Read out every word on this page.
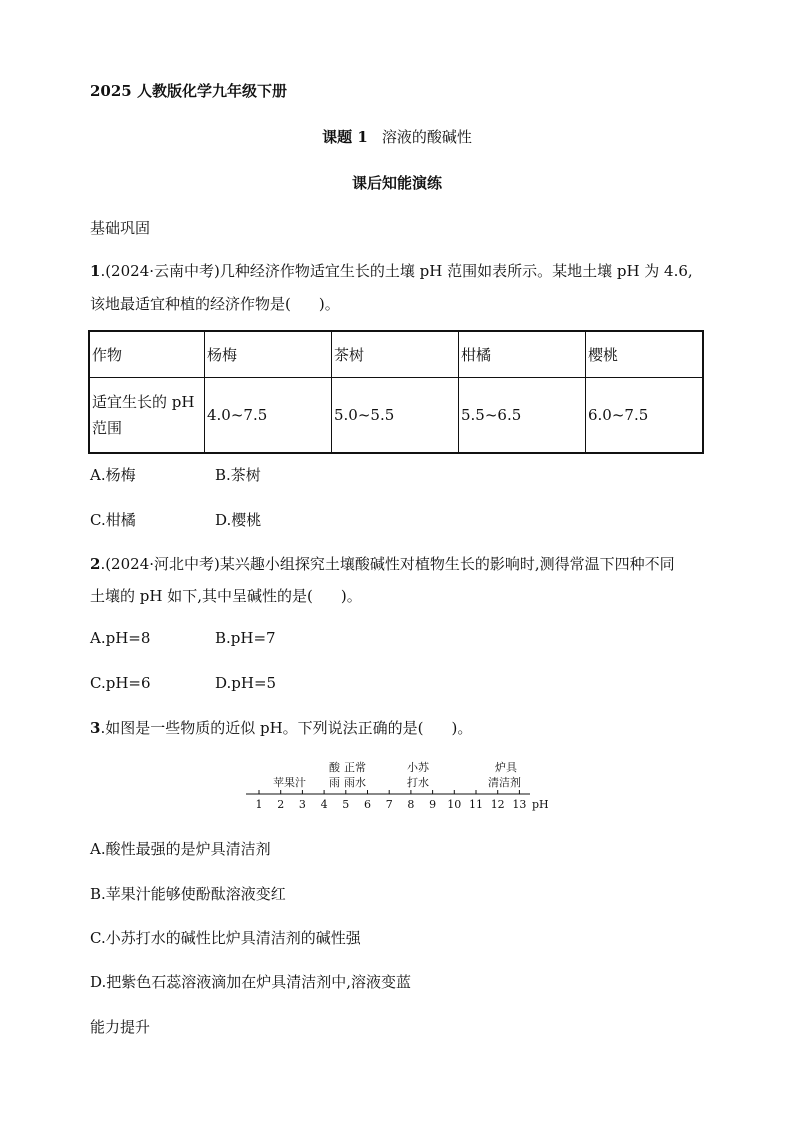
2025 人教版化学九年级下册
课题 1 溶液的酸碱性
课后知能演练
基础巩固
1.(2024·云南中考)几种经济作物适宜生长的土壤 pH 范围如表所示。某地土壤 pH 为 4.6,
该地最适宜种植的经济作物是( )。
作物	杨梅	茶树	柑橘	樱桃
适宜生长的 pH
范围	4.0~7.5	5.0~5.5	5.5~6.5	6.0~7.5
A.杨梅	B.茶树
C.柑橘	D.樱桃
2.(2024·河北中考)某兴趣小组探究土壤酸碱性对植物生长的影响时,测得常温下四种不同
土壤的 pH 如下,其中呈碱性的是( )。
A.pH=8	B.pH=7
C.pH=6	D.pH=5
3.如图是一些物质的近似 pH。下列说法正确的是( )。
苹果汁
酸
雨
正常
雨水
小苏
打水
炉具
清洁剂
1 2 3 4 5 6 7 8 9 10 11 12 13 pH
A.酸性最强的是炉具清洁剂
B.苹果汁能够使酚酞溶液变红
C.小苏打水的碱性比炉具清洁剂的碱性强
D.把紫色石蕊溶液滴加在炉具清洁剂中,溶液变蓝
能力提升
